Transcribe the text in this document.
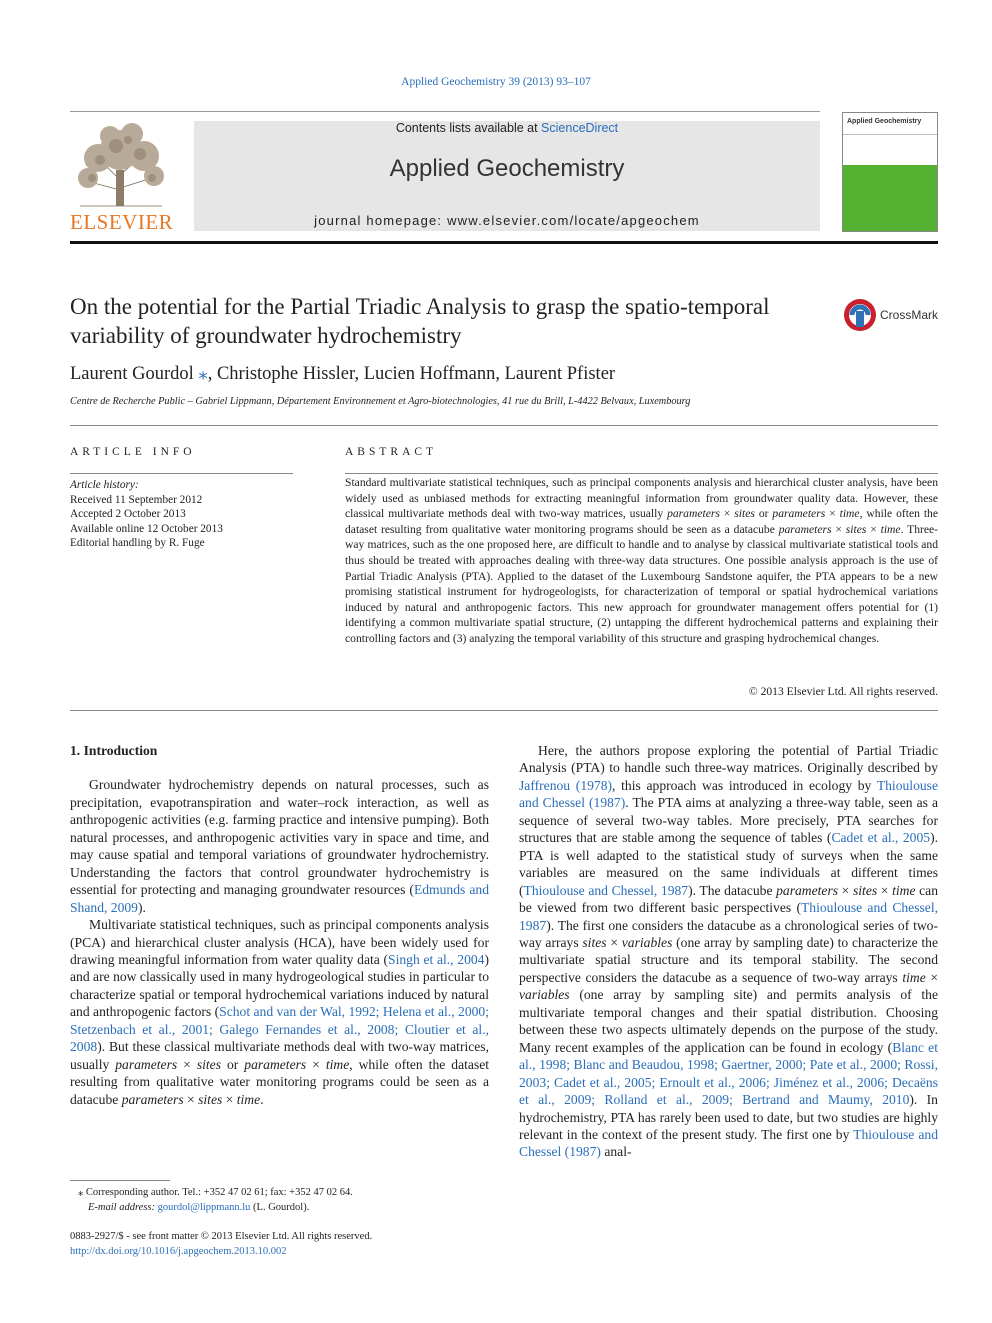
Applied Geochemistry 39 (2013) 93–107
ELSEVIER
Contents lists available at ScienceDirect
Applied Geochemistry
journal homepage: www.elsevier.com/locate/apgeochem
Applied Geochemistry
On the potential for the Partial Triadic Analysis to grasp the spatio-temporal variability of groundwater hydrochemistry
CrossMark
Laurent Gourdol ⁎, Christophe Hissler, Lucien Hoffmann, Laurent Pfister
Centre de Recherche Public – Gabriel Lippmann, Département Environnement et Agro-biotechnologies, 41 rue du Brill, L-4422 Belvaux, Luxembourg
ARTICLE INFO	ABSTRACT
Article history:
Received 11 September 2012
Accepted 2 October 2013
Available online 12 October 2013
Editorial handling by R. Fuge
Standard multivariate statistical techniques, such as principal components analysis and hierarchical cluster analysis, have been widely used as unbiased methods for extracting meaningful information from groundwater quality data. However, these classical multivariate methods deal with two-way matrices, usually parameters × sites or parameters × time, while often the dataset resulting from qualitative water monitoring programs should be seen as a datacube parameters × sites × time. Three-way matrices, such as the one proposed here, are difficult to handle and to analyse by classical multivariate statistical tools and thus should be treated with approaches dealing with three-way data structures. One possible analysis approach is the use of Partial Triadic Analysis (PTA). Applied to the dataset of the Luxembourg Sandstone aquifer, the PTA appears to be a new promising statistical instrument for hydrogeologists, for characterization of temporal or spatial hydrochemical variations induced by natural and anthropogenic factors. This new approach for groundwater management offers potential for (1) identifying a common multivariate spatial structure, (2) untapping the different hydrochemical patterns and explaining their controlling factors and (3) analyzing the temporal variability of this structure and grasping hydrochemical changes.
© 2013 Elsevier Ltd. All rights reserved.
1. Introduction

Groundwater hydrochemistry depends on natural processes, such as precipitation, evapotranspiration and water–rock interaction, as well as anthropogenic activities (e.g. farming practice and intensive pumping). Both natural processes, and anthropogenic activities vary in space and time, and may cause spatial and temporal variations of groundwater hydrochemistry. Understanding the factors that control groundwater hydrochemistry is essential for protecting and managing groundwater resources (Edmunds and Shand, 2009).

Multivariate statistical techniques, such as principal components analysis (PCA) and hierarchical cluster analysis (HCA), have been widely used for drawing meaningful information from water quality data (Singh et al., 2004) and are now classically used in many hydrogeological studies in particular to characterize spatial or temporal hydrochemical variations induced by natural and anthropogenic factors (Schot and van der Wal, 1992; Helena et al., 2000; Stetzenbach et al., 2001; Galego Fernandes et al., 2008; Cloutier et al., 2008). But these classical multivariate methods deal with two-way matrices, usually parameters × sites or parameters × time, while often the dataset resulting from qualitative water monitoring programs could be seen as a datacube parameters × sites × time.

Here, the authors propose exploring the potential of Partial Triadic Analysis (PTA) to handle such three-way matrices. Originally described by Jaffrenou (1978), this approach was introduced in ecology by Thioulouse and Chessel (1987). The PTA aims at analyzing a three-way table, seen as a sequence of several two-way tables. More precisely, PTA searches for structures that are stable among the sequence of tables (Cadet et al., 2005). PTA is well adapted to the statistical study of surveys when the same variables are measured on the same individuals at different times (Thioulouse and Chessel, 1987). The datacube parameters × sites × time can be viewed from two different basic perspectives (Thioulouse and Chessel, 1987). The first one considers the datacube as a chronological series of two-way arrays sites × variables (one array by sampling date) to characterize the multivariate spatial structure and its temporal stability. The second perspective considers the datacube as a sequence of two-way arrays time × variables (one array by sampling site) and permits analysis of the multivariate temporal changes and their spatial distribution. Choosing between these two aspects ultimately depends on the purpose of the study. Many recent examples of the application can be found in ecology (Blanc et al., 1998; Blanc and Beaudou, 1998; Gaertner, 2000; Pate et al., 2000; Rossi, 2003; Cadet et al., 2005; Ernoult et al., 2006; Jiménez et al., 2006; Decaëns et al., 2009; Rolland et al., 2009; Bertrand and Maumy, 2010). In hydrochemistry, PTA has rarely been used to date, but two studies are highly relevant in the context of the present study. The first one by Thioulouse and Chessel (1987) anal-

⁎ Corresponding author. Tel.: +352 47 02 61; fax: +352 47 02 64.
E-mail address: gourdol@lippmann.lu (L. Gourdol).
0883-2927/$ - see front matter © 2013 Elsevier Ltd. All rights reserved.
http://dx.doi.org/10.1016/j.apgeochem.2013.10.002
